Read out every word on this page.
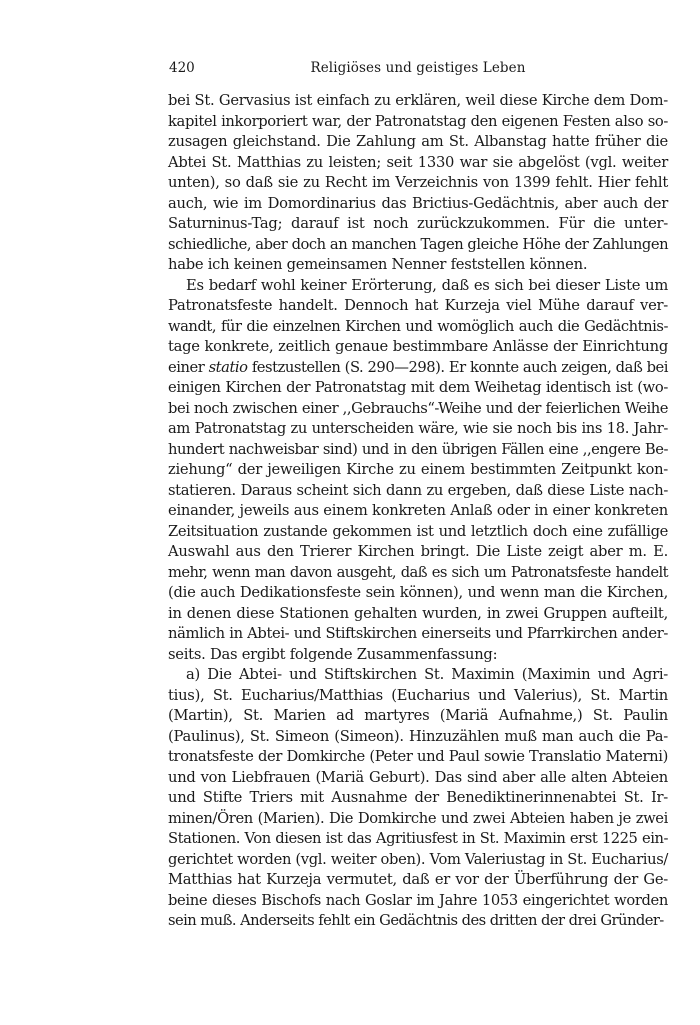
420	Religiöses und geistiges Leben
bei St. Gervasius ist einfach zu erklären, weil diese Kirche dem Dom-
kapitel inkorporiert war, der Patronatstag den eigenen Festen also so-
zusagen gleichstand. Die Zahlung am St. Albanstag hatte früher die
Abtei St. Matthias zu leisten; seit 1330 war sie abgelöst (vgl. weiter
unten), so daß sie zu Recht im Verzeichnis von 1399 fehlt. Hier fehlt
auch, wie im Domordinarius das Brictius-Gedächtnis, aber auch der
Saturninus-Tag; darauf ist noch zurückzukommen. Für die unter-
schiedliche, aber doch an manchen Tagen gleiche Höhe der Zahlungen
habe ich keinen gemeinsamen Nenner feststellen können.
Es bedarf wohl keiner Erörterung, daß es sich bei dieser Liste um
Patronatsfeste handelt. Dennoch hat Kurzeja viel Mühe darauf ver-
wandt, für die einzelnen Kirchen und womöglich auch die Gedächtnis-
tage konkrete, zeitlich genaue bestimmbare Anlässe der Einrichtung
einer statio festzustellen (S. 290—298). Er konnte auch zeigen, daß bei
einigen Kirchen der Patronatstag mit dem Weihetag identisch ist (wo-
bei noch zwischen einer ,,Gebrauchs“-Weihe und der feierlichen Weihe
am Patronatstag zu unterscheiden wäre, wie sie noch bis ins 18. Jahr-
hundert nachweisbar sind) und in den übrigen Fällen eine ,,engere Be-
ziehung“ der jeweiligen Kirche zu einem bestimmten Zeitpunkt kon-
statieren. Daraus scheint sich dann zu ergeben, daß diese Liste nach-
einander, jeweils aus einem konkreten Anlaß oder in einer konkreten
Zeitsituation zustande gekommen ist und letztlich doch eine zufällige
Auswahl aus den Trierer Kirchen bringt. Die Liste zeigt aber m. E.
mehr, wenn man davon ausgeht, daß es sich um Patronatsfeste handelt
(die auch Dedikationsfeste sein können), und wenn man die Kirchen,
in denen diese Stationen gehalten wurden, in zwei Gruppen aufteilt,
nämlich in Abtei- und Stiftskirchen einerseits und Pfarrkirchen ander-
seits. Das ergibt folgende Zusammenfassung:
a) Die Abtei- und Stiftskirchen St. Maximin (Maximin und Agri-
tius), St. Eucharius/Matthias (Eucharius und Valerius), St. Martin
(Martin), St. Marien ad martyres (Mariä Aufnahme,) St. Paulin
(Paulinus), St. Simeon (Simeon). Hinzuzählen muß man auch die Pa-
tronatsfeste der Domkirche (Peter und Paul sowie Translatio Materni)
und von Liebfrauen (Mariä Geburt). Das sind aber alle alten Abteien
und Stifte Triers mit Ausnahme der Benediktinerinnenabtei St. Ir-
minen/Ören (Marien). Die Domkirche und zwei Abteien haben je zwei
Stationen. Von diesen ist das Agritiusfest in St. Maximin erst 1225 ein-
gerichtet worden (vgl. weiter oben). Vom Valeriustag in St. Eucharius/
Matthias hat Kurzeja vermutet, daß er vor der Überführung der Ge-
beine dieses Bischofs nach Goslar im Jahre 1053 eingerichtet worden
sein muß. Anderseits fehlt ein Gedächtnis des dritten der drei Gründer-
